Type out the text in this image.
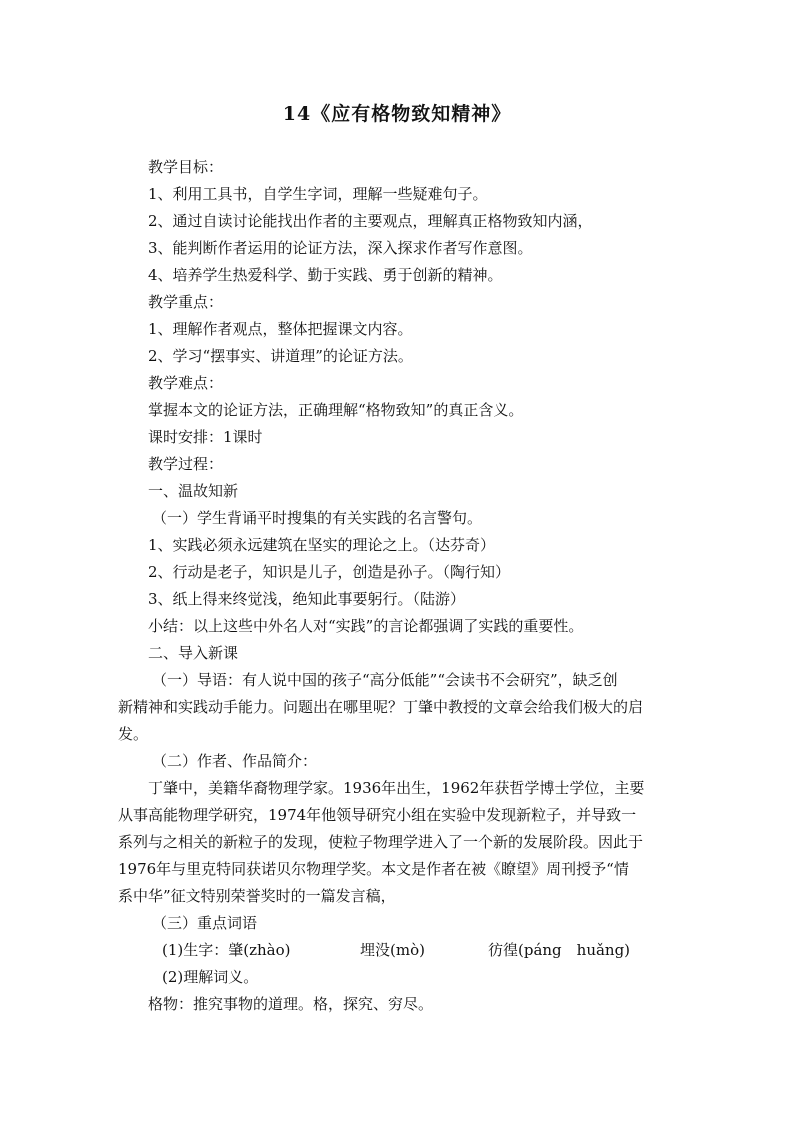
14《应有格物致知精神》
教学目标：
1、利用工具书，自学生字词，理解一些疑难句子。
2、通过自读讨论能找出作者的主要观点，理解真正格物致知内涵，
3、能判断作者运用的论证方法，深入探求作者写作意图。
4、培养学生热爱科学、勤于实践、勇于创新的精神。
教学重点：
1、理解作者观点，整体把握课文内容。
2、学习“摆事实、讲道理”的论证方法。
教学难点：
掌握本文的论证方法，正确理解“格物致知”的真正含义。
课时安排：1课时
教学过程：
一、温故知新
（一）学生背诵平时搜集的有关实践的名言警句。
1、实践必须永远建筑在坚实的理论之上。（达芬奇）
2、行动是老子，知识是儿子，创造是孙子。（陶行知）
3、纸上得来终觉浅，绝知此事要躬行。（陆游）
小结：以上这些中外名人对“实践”的言论都强调了实践的重要性。
二、导入新课
（一）导语：有人说中国的孩子“高分低能”“会读书不会研究”，缺乏创
新精神和实践动手能力。问题出在哪里呢？丁肇中教授的文章会给我们极大的启
发。
（二）作者、作品简介：
丁肇中，美籍华裔物理学家。1936年出生，1962年获哲学博士学位，主要
从事高能物理学研究，1974年他领导研究小组在实验中发现新粒子，并导致一
系列与之相关的新粒子的发现，使粒子物理学进入了一个新的发展阶段。因此于
1976年与里克特同获诺贝尔物理学奖。本文是作者在被《瞭望》周刊授予“情
系中华”征文特别荣誉奖时的一篇发言稿，
（三）重点词语
(1)生字：肇(zhào)	埋没(mò)	彷徨(páng　huǎng)
(2)理解词义。
格物：推究事物的道理。格，探究、穷尽。
